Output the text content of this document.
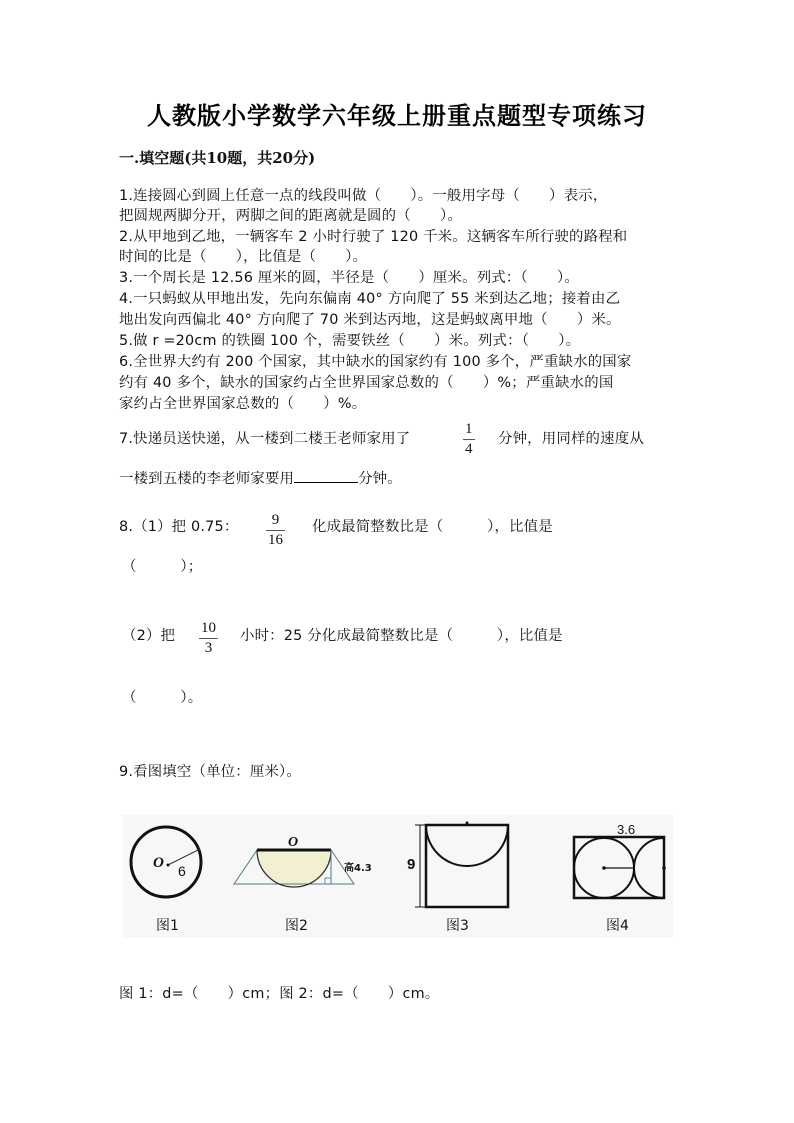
人教版小学数学六年级上册重点题型专项练习
一.填空题(共10题，共20分)
1.连接圆心到圆上任意一点的线段叫做（　　）。一般用字母（　　）表示，
把圆规两脚分开，两脚之间的距离就是圆的（　　）。
2.从甲地到乙地，一辆客车 2 小时行驶了 120 千米。这辆客车所行驶的路程和
时间的比是（　　），比值是（　　）。
3.一个周长是 12.56 厘米的圆，半径是（　　）厘米。列式：（　　）。
4.一只蚂蚁从甲地出发，先向东偏南 40° 方向爬了 55 米到达乙地；接着由乙
地出发向西偏北 40° 方向爬了 70 米到达丙地，这是蚂蚁离甲地（　　）米。
5.做 r =20cm 的铁圈 100 个，需要铁丝（　　）米。列式：（　　）。
6.全世界大约有 200 个国家，其中缺水的国家约有 100 多个，严重缺水的国家
约有 40 多个，缺水的国家约占全世界国家总数的（　　）%；严重缺水的国
家约占全世界国家总数的（　　）%。
7.快递员送快递，从一楼到二楼王老师家用了
1
4
分钟，用同样的速度从
一楼到五楼的李老师家要用	分钟。
8.（1）把 0.75： 9
16
化成最简整数比是（　　　），比值是
（　　　）；
（2）把 10
3
小时：25 分化成最简整数比是（　　　），比值是
（　　　）。
9.看图填空（单位：厘米）。
O 6
O
高4.3 9
3.6
图1	图2	图3	图4
图 1：d=（　　）cm；图 2：d=（　　）cm。
